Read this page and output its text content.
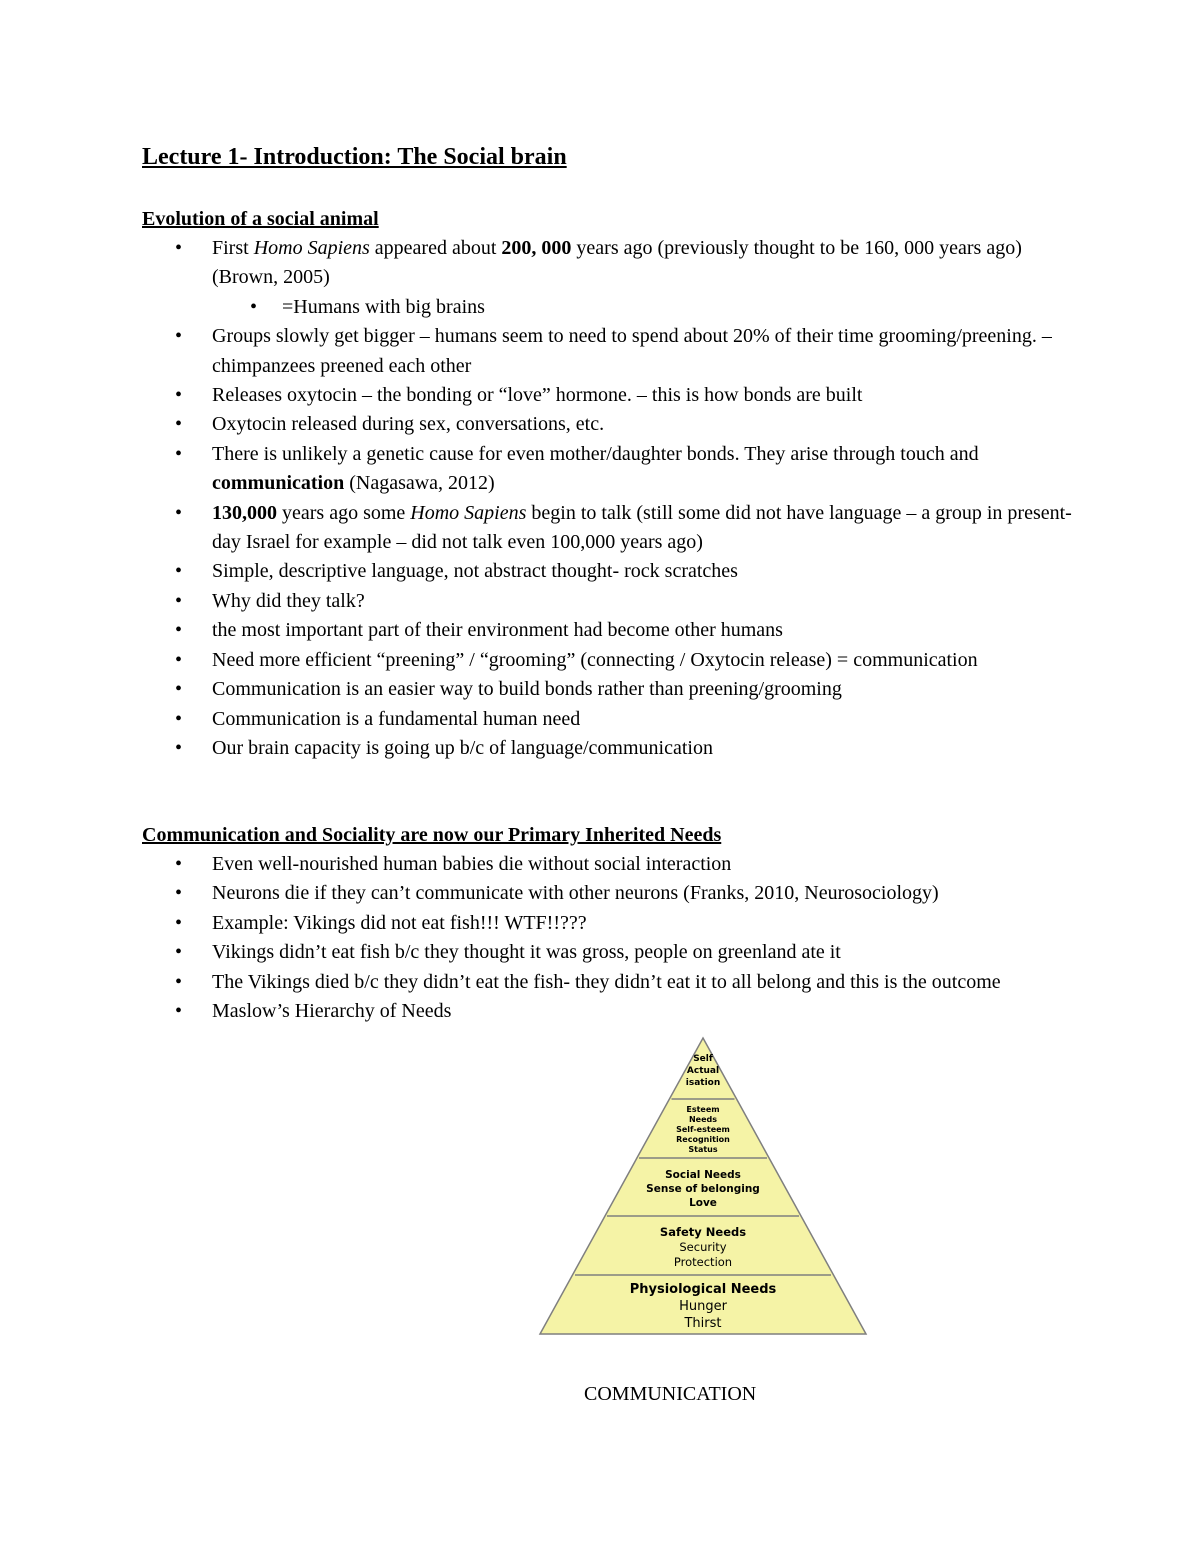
Lecture 1- Introduction: The Social brain
Evolution of a social animal
• First Homo Sapiens appeared about 200, 000 years ago (previously thought to be 160, 000 years ago) (Brown, 2005)
• =Humans with big brains
• Groups slowly get bigger – humans seem to need to spend about 20% of their time grooming/preening. – chimpanzees preened each other
• Releases oxytocin – the bonding or “love” hormone. – this is how bonds are built
• Oxytocin released during sex, conversations, etc.
• There is unlikely a genetic cause for even mother/daughter bonds. They arise through touch and communication (Nagasawa, 2012)
• 130,000 years ago some Homo Sapiens begin to talk (still some did not have language – a group in present-day Israel for example – did not talk even 100,000 years ago)
• Simple, descriptive language, not abstract thought- rock scratches
• Why did they talk?
• the most important part of their environment had become other humans
• Need more efficient “preening” / “grooming” (connecting / Oxytocin release) = communication
• Communication is an easier way to build bonds rather than preening/grooming
• Communication is a fundamental human need
• Our brain capacity is going up b/c of language/communication
Communication and Sociality are now our Primary Inherited Needs
• Even well-nourished human babies die without social interaction
• Neurons die if they can’t communicate with other neurons (Franks, 2010, Neurosociology)
• Example: Vikings did not eat fish!!! WTF!!???
• Vikings didn’t eat fish b/c they thought it was gross, people on greenland ate it
• The Vikings died b/c they didn’t eat the fish- they didn’t eat it to all belong and this is the outcome
• Maslow’s Hierarchy of Needs
Self
Actual
isation
Esteem
Needs
Self-esteem
Recognition
Status
Social Needs
Sense of belonging
Love
Safety Needs
Security
Protection
Physiological Needs
Hunger
Thirst

COMMUNICATION
